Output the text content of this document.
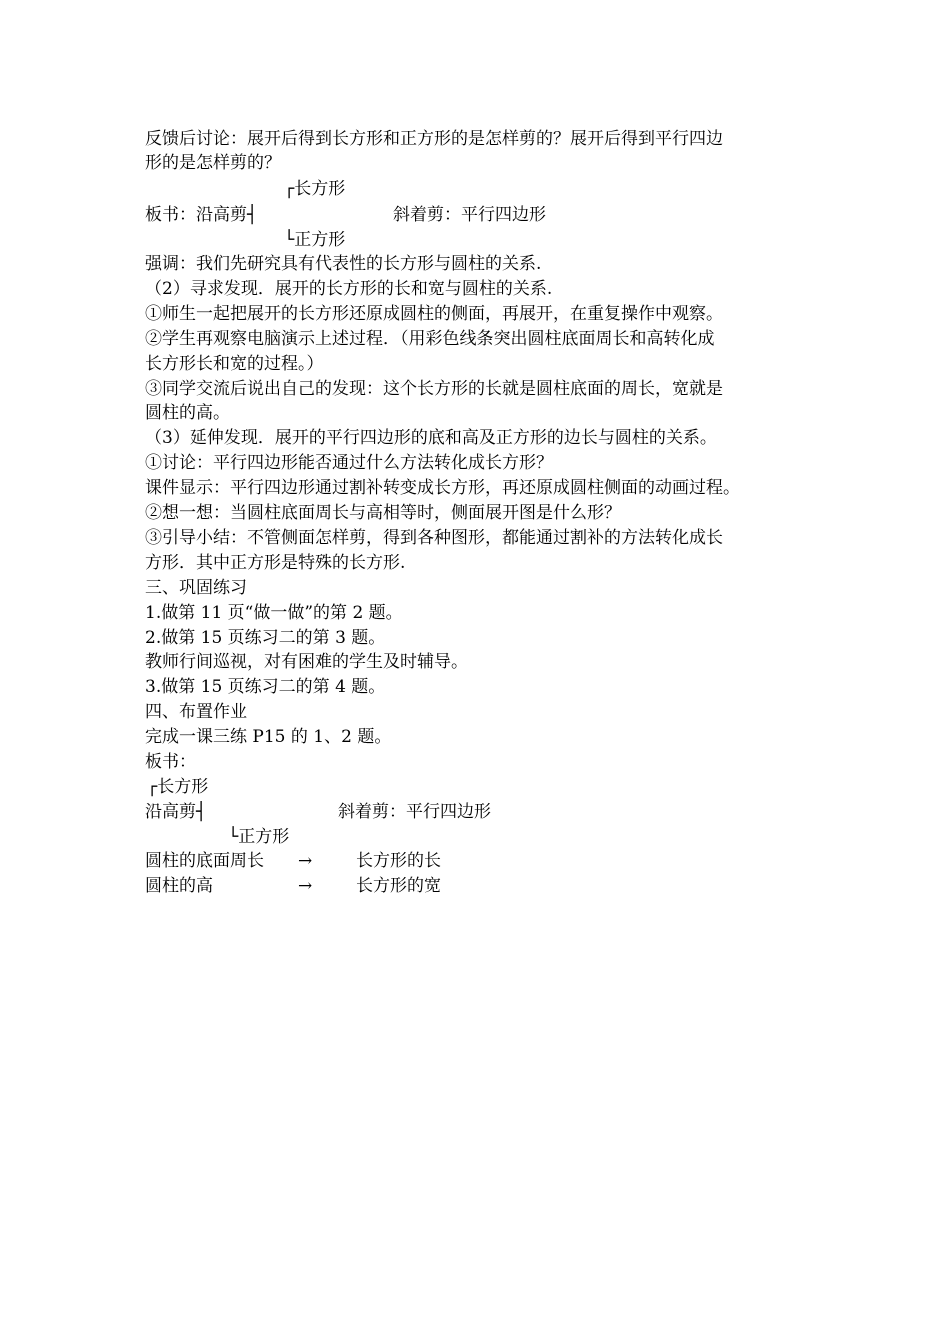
反馈后讨论：展开后得到长方形和正方形的是怎样剪的？展开后得到平行四边
形的是怎样剪的？
┌长方形
板书：沿高剪┤	斜着剪：平行四边形
└正方形
强调：我们先研究具有代表性的长方形与圆柱的关系.
（2）寻求发现．展开的长方形的长和宽与圆柱的关系.
①师生一起把展开的长方形还原成圆柱的侧面，再展开，在重复操作中观察。
②学生再观察电脑演示上述过程．（用彩色线条突出圆柱底面周长和高转化成
长方形长和宽的过程。）
③同学交流后说出自己的发现：这个长方形的长就是圆柱底面的周长，宽就是
圆柱的高。
（3）延伸发现．展开的平行四边形的底和高及正方形的边长与圆柱的关系。
①讨论：平行四边形能否通过什么方法转化成长方形？
课件显示：平行四边形通过割补转变成长方形，再还原成圆柱侧面的动画过程。
②想一想：当圆柱底面周长与高相等时，侧面展开图是什么形？
③引导小结：不管侧面怎样剪，得到各种图形，都能通过割补的方法转化成长
方形．其中正方形是特殊的长方形.
三、巩固练习
1.做第 11 页“做一做”的第 2 题。
2.做第 15 页练习二的第 3 题。
教师行间巡视，对有困难的学生及时辅导。
3.做第 15 页练习二的第 4 题。
四、布置作业
完成一课三练 P15 的 1、2 题。
板书：
┌长方形
沿高剪┤	斜着剪：平行四边形
└正方形
圆柱的底面周长 →	长方形的长
圆柱的高	→	长方形的宽
